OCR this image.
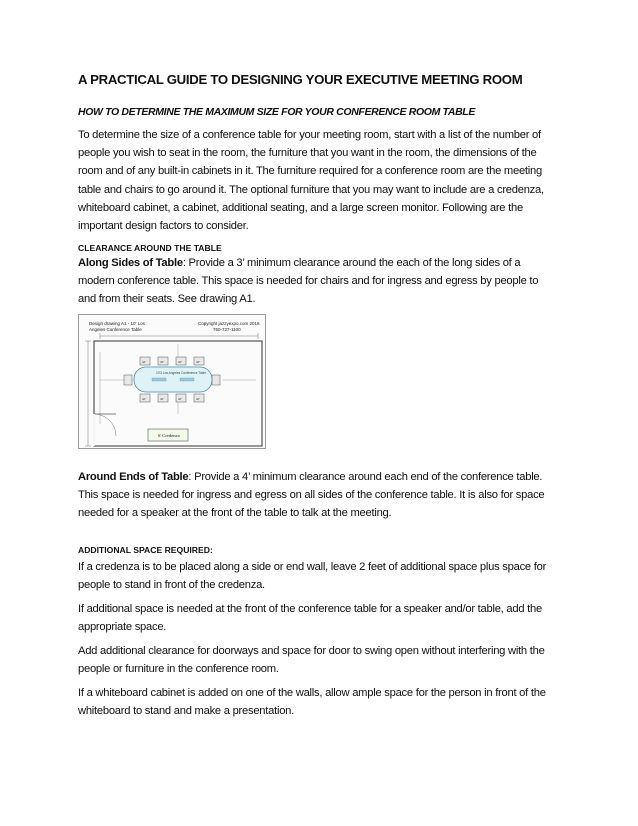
A PRACTICAL GUIDE TO DESIGNING YOUR EXECUTIVE MEETING ROOM
HOW TO DETERMINE THE MAXIMUM SIZE FOR YOUR CONFERENCE ROOM TABLE
To determine the size of a conference table for your meeting room, start with a list of the number of people you wish to seat in the room, the furniture that you want in the room, the dimensions of the room and of any built-in cabinets in it. The furniture required for a conference room are the meeting table and chairs to go around it. The optional furniture that you may want to include are a credenza, whiteboard cabinet, a cabinet, additional seating, and a large screen monitor. Following are the important design factors to consider.
CLEARANCE AROUND THE TABLE
Along Sides of Table: Provide a 3’ minimum clearance around the each of the long sides of a modern conference table. This space is needed for chairs and for ingress and egress by people to and from their seats. See drawing A1.
Design drawing A1 - 10' Los
Angeles Conference Table
Copyright jazzyexpo.com 2016
760-727-1100
42"	42"	42"	42"
42"	42"	42"	42"
10'3 Los Angeles Conference Table
6' Credenza
Around Ends of Table: Provide a 4’ minimum clearance around each end of the conference table. This space is needed for ingress and egress on all sides of the conference table. It is also for space needed for a speaker at the front of the table to talk at the meeting.
ADDITIONAL SPACE REQUIRED:
If a credenza is to be placed along a side or end wall, leave 2 feet of additional space plus space for people to stand in front of the credenza.
If additional space is needed at the front of the conference table for a speaker and/or table, add the appropriate space.
Add additional clearance for doorways and space for door to swing open without interfering with the people or furniture in the conference room.
If a whiteboard cabinet is added on one of the walls, allow ample space for the person in front of the whiteboard to stand and make a presentation.
